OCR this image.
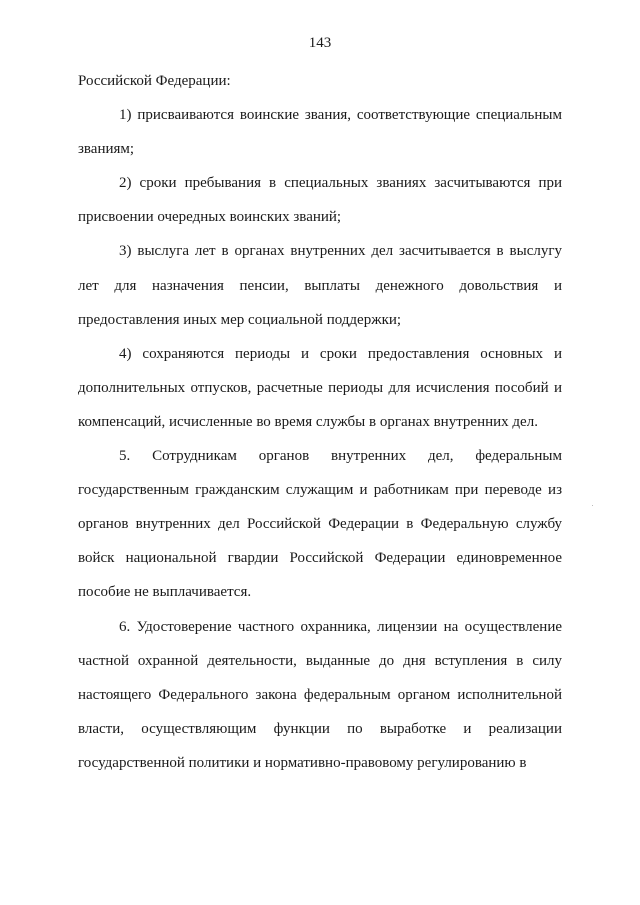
143

Российской Федерации:

1) присваиваются воинские звания, соответствующие специальным званиям;

2) сроки пребывания в специальных званиях засчитываются при присвоении очередных воинских званий;

3) выслуга лет в органах внутренних дел засчитывается в выслугу лет для назначения пенсии, выплаты денежного довольствия и предоставления иных мер социальной поддержки;

4) сохраняются периоды и сроки предоставления основных и дополнительных отпусков, расчетные периоды для исчисления пособий и компенсаций, исчисленные во время службы в органах внутренних дел.

5. Сотрудникам органов внутренних дел, федеральным государственным гражданским служащим и работникам при переводе из органов внутренних дел Российской Федерации в Федеральную службу войск национальной гвардии Российской Федерации единовременное пособие не выплачивается.

6. Удостоверение частного охранника, лицензии на осуществление частной охранной деятельности, выданные до дня вступления в силу настоящего Федерального закона федеральным органом исполнительной власти, осуществляющим функции по выработке и реализации государственной политики и нормативно-правовому регулированию в
